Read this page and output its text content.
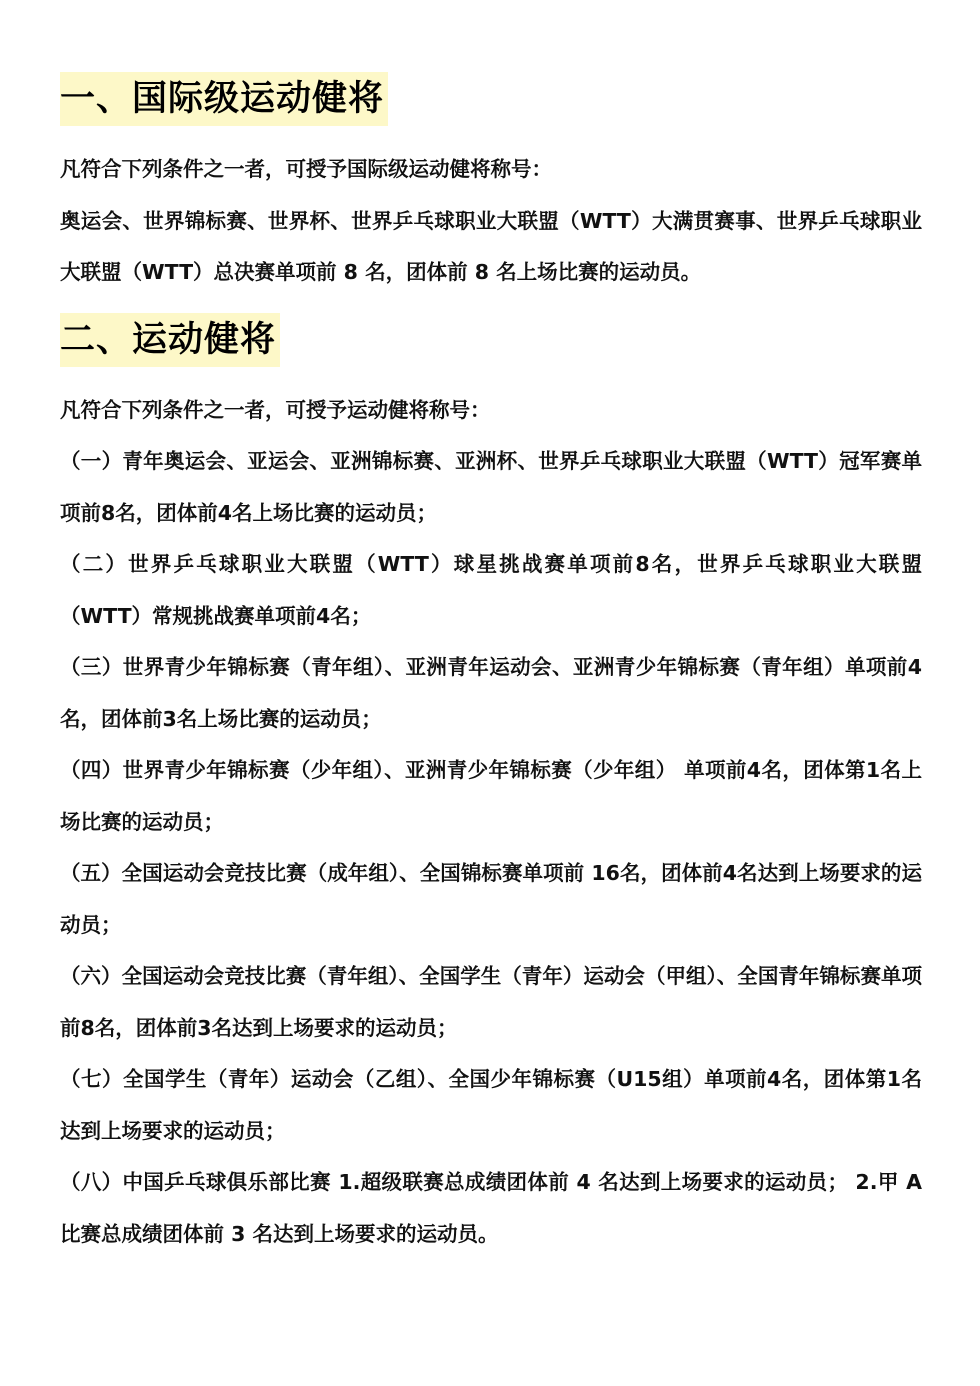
一、国际级运动健将

凡符合下列条件之一者，可授予国际级运动健将称号：

奥运会、世界锦标赛、世界杯、世界乒乓球职业大联盟（WTT）大满贯赛事、世界乒乓球职业大联盟（WTT）总决赛单项前 8 名，团体前 8 名上场比赛的运动员。

二、运动健将

凡符合下列条件之一者，可授予运动健将称号：

（一）青年奥运会、亚运会、亚洲锦标赛、亚洲杯、世界乒乓球职业大联盟（WTT）冠军赛单项前8名，团体前4名上场比赛的运动员；

（二）世界乒乓球职业大联盟（WTT）球星挑战赛单项前8名，世界乒乓球职业大联盟（WTT）常规挑战赛单项前4名；

（三）世界青少年锦标赛（青年组）、亚洲青年运动会、亚洲青少年锦标赛（青年组）单项前4名，团体前3名上场比赛的运动员；

（四）世界青少年锦标赛（少年组）、亚洲青少年锦标赛（少年组） 单项前4名，团体第1名上场比赛的运动员；

（五）全国运动会竞技比赛（成年组）、全国锦标赛单项前 16名，团体前4名达到上场要求的运动员；

（六）全国运动会竞技比赛（青年组）、全国学生（青年）运动会（甲组）、全国青年锦标赛单项前8名，团体前3名达到上场要求的运动员；

（七）全国学生（青年）运动会（乙组）、全国少年锦标赛（U15组）单项前4名，团体第1名达到上场要求的运动员；

（八）中国乒乓球俱乐部比赛 1.超级联赛总成绩团体前 4 名达到上场要求的运动员； 2.甲 A 比赛总成绩团体前 3 名达到上场要求的运动员。
